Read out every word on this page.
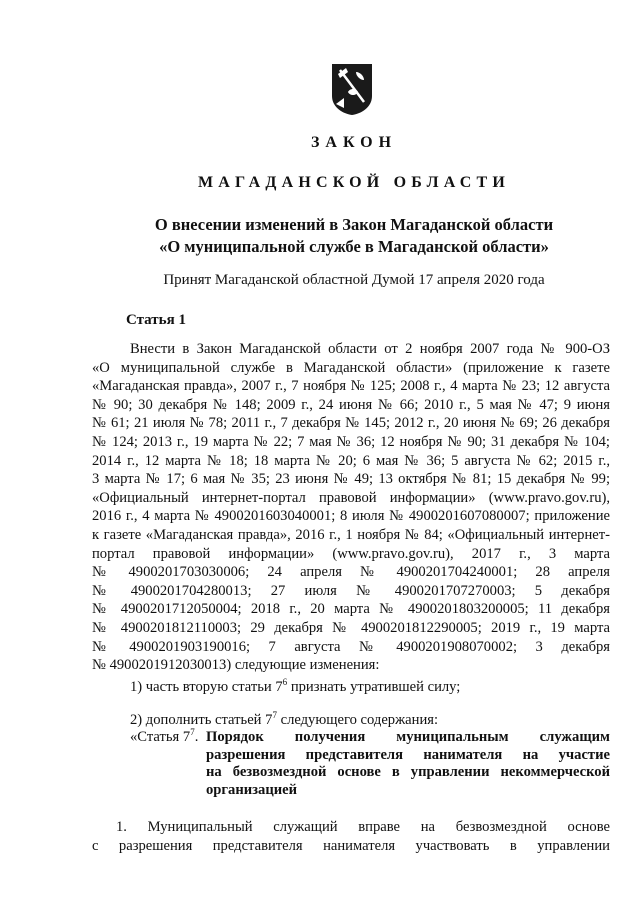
ЗАКОН
МАГАДАНСКОЙ ОБЛАСТИ
О внесении изменений в Закон Магаданской области
«О муниципальной службе в Магаданской области»
Принят Магаданской областной Думой 17 апреля 2020 года
Статья 1
Внести в Закон Магаданской области от 2 ноября 2007 года № 900-ОЗ
«О муниципальной службе в Магаданской области» (приложение к газете
«Магаданская правда», 2007 г., 7 ноября № 125; 2008 г., 4 марта № 23; 12 августа
№ 90; 30 декабря № 148; 2009 г., 24 июня № 66; 2010 г., 5 мая № 47; 9 июня
№ 61; 21 июля № 78; 2011 г., 7 декабря № 145; 2012 г., 20 июня № 69; 26 декабря
№ 124; 2013 г., 19 марта № 22; 7 мая № 36; 12 ноября № 90; 31 декабря № 104;
2014 г., 12 марта № 18; 18 марта № 20; 6 мая № 36; 5 августа № 62; 2015 г.,
3 марта № 17; 6 мая № 35; 23 июня № 49; 13 октября № 81; 15 декабря № 99;
«Официальный интернет-портал правовой информации» (www.pravo.gov.ru),
2016 г., 4 марта № 4900201603040001; 8 июля № 4900201607080007; приложение
к газете «Магаданская правда», 2016 г., 1 ноября № 84; «Официальный интернет-
портал правовой информации» (www.pravo.gov.ru), 2017 г., 3 марта
№ 4900201703030006; 24 апреля № 4900201704240001; 28 апреля
№ 4900201704280013; 27 июля № 4900201707270003; 5 декабря
№ 4900201712050004; 2018 г., 20 марта № 4900201803200005; 11 декабря
№ 4900201812110003; 29 декабря № 4900201812290005; 2019 г., 19 марта
№ 4900201903190016; 7 августа № 4900201908070002; 3 декабря
№ 4900201912030013) следующие изменения:
1) часть вторую статьи $7^6$ признать утратившей силу;
2) дополнить статьей $7^7$ следующего содержания:
«Статья $7^7$. Порядок получения муниципальным служащим
разрешения представителя нанимателя на участие
на безвозмездной основе в управлении некоммерческой
организацией
1. Муниципальный служащий вправе на безвозмездной основе
с разрешения представителя нанимателя участвовать в управлении
